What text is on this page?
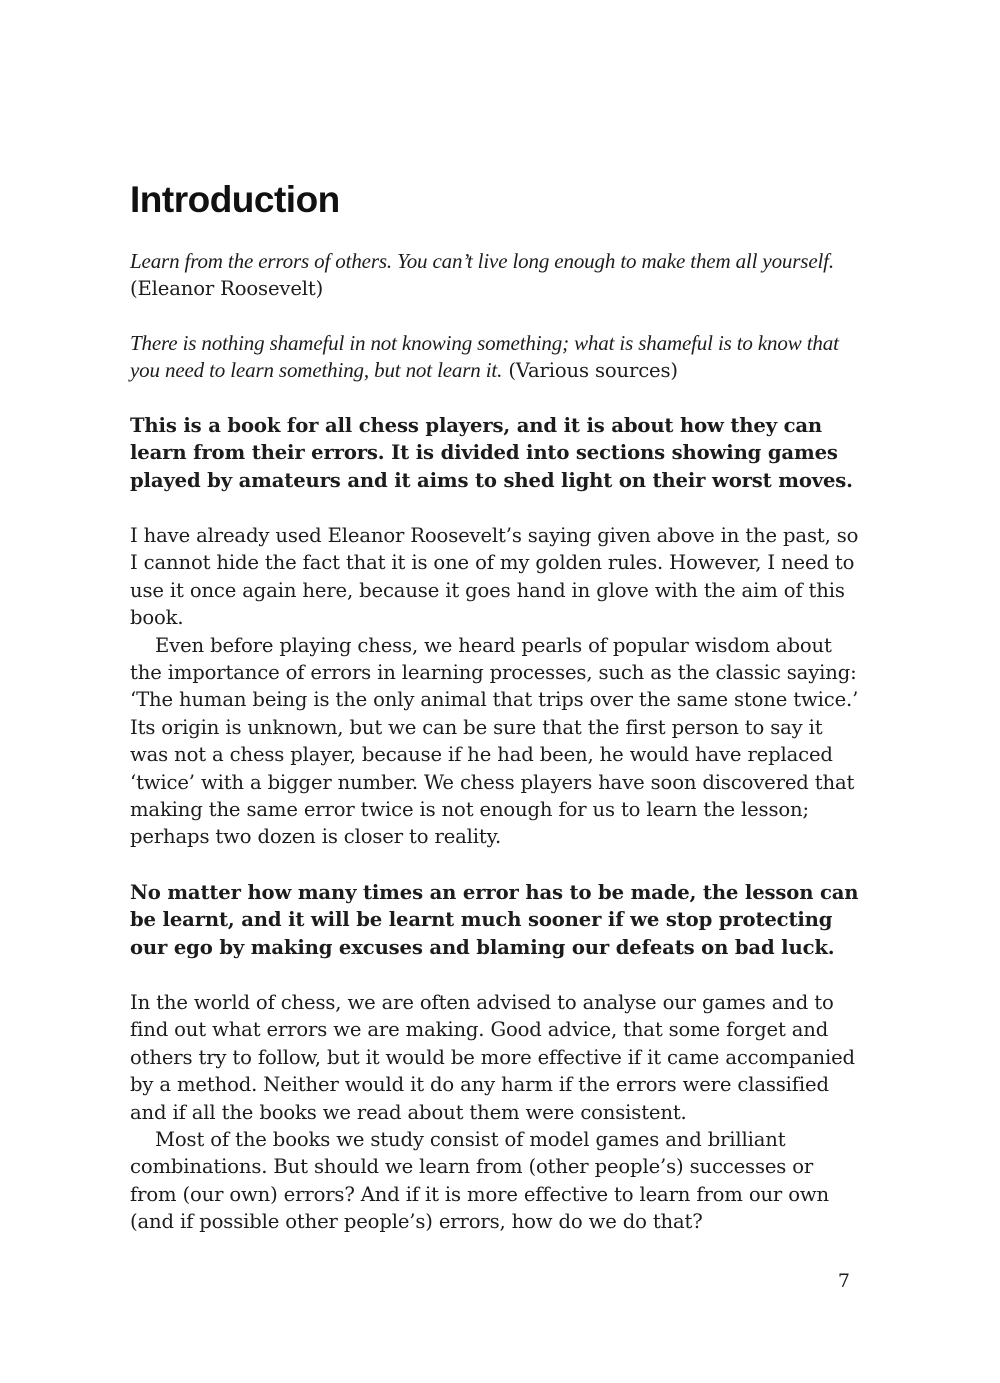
Introduction

Learn from the errors of others. You can’t live long enough to make them all yourself.
(Eleanor Roosevelt)

There is nothing shameful in not knowing something; what is shameful is to know that you need to learn something, but not learn it. (Various sources)

This is a book for all chess players, and it is about how they can learn from their errors. It is divided into sections showing games played by amateurs and it aims to shed light on their worst moves.

I have already used Eleanor Roosevelt’s saying given above in the past, so I cannot hide the fact that it is one of my golden rules. However, I need to use it once again here, because it goes hand in glove with the aim of this book.

Even before playing chess, we heard pearls of popular wisdom about the importance of errors in learning processes, such as the classic saying: ‘The human being is the only animal that trips over the same stone twice.’ Its origin is unknown, but we can be sure that the first person to say it was not a chess player, because if he had been, he would have replaced ‘twice’ with a bigger number. We chess players have soon discovered that making the same error twice is not enough for us to learn the lesson; perhaps two dozen is closer to reality.

No matter how many times an error has to be made, the lesson can be learnt, and it will be learnt much sooner if we stop protecting our ego by making excuses and blaming our defeats on bad luck.

In the world of chess, we are often advised to analyse our games and to find out what errors we are making. Good advice, that some forget and others try to follow, but it would be more effective if it came accompanied by a method. Neither would it do any harm if the errors were classified and if all the books we read about them were consistent.

Most of the books we study consist of model games and brilliant combinations. But should we learn from (other people’s) successes or from (our own) errors? And if it is more effective to learn from our own (and if possible other people’s) errors, how do we do that?

7
